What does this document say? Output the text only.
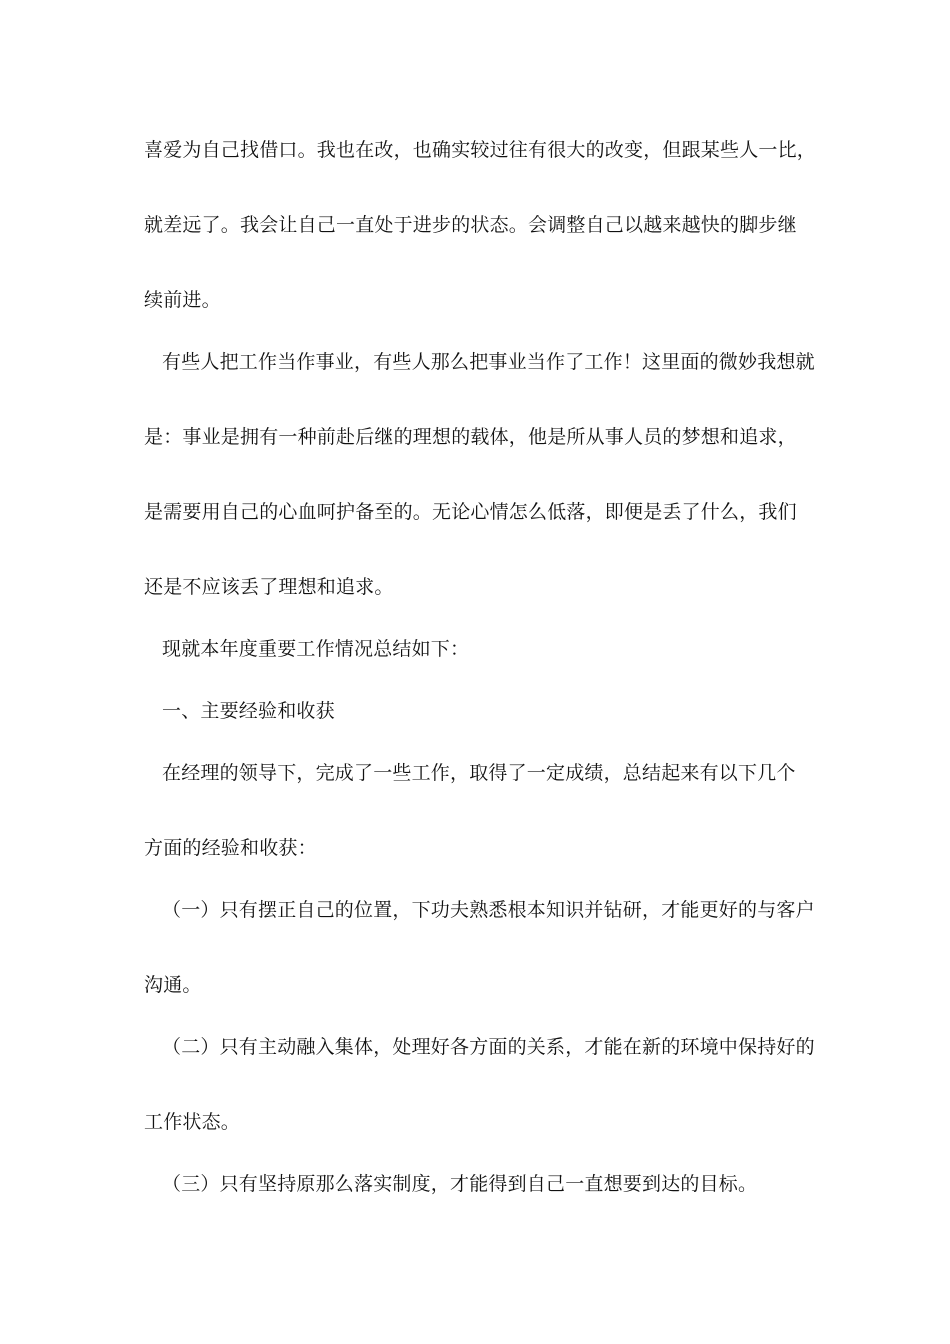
喜爱为自己找借口。我也在改，也确实较过往有很大的改变，但跟某些人一比，
就差远了。我会让自己一直处于进步的状态。会调整自己以越来越快的脚步继
续前进。
有些人把工作当作事业，有些人那么把事业当作了工作！这里面的微妙我想就
是：事业是拥有一种前赴后继的理想的载体，他是所从事人员的梦想和追求，
是需要用自己的心血呵护备至的。无论心情怎么低落，即便是丢了什么，我们
还是不应该丢了理想和追求。
现就本年度重要工作情况总结如下：
一、主要经验和收获
在经理的领导下，完成了一些工作，取得了一定成绩，总结起来有以下几个
方面的经验和收获：
（一）只有摆正自己的位置，下功夫熟悉根本知识并钻研，才能更好的与客户
沟通。
（二）只有主动融入集体，处理好各方面的关系，才能在新的环境中保持好的
工作状态。
（三）只有坚持原那么落实制度，才能得到自己一直想要到达的目标。
